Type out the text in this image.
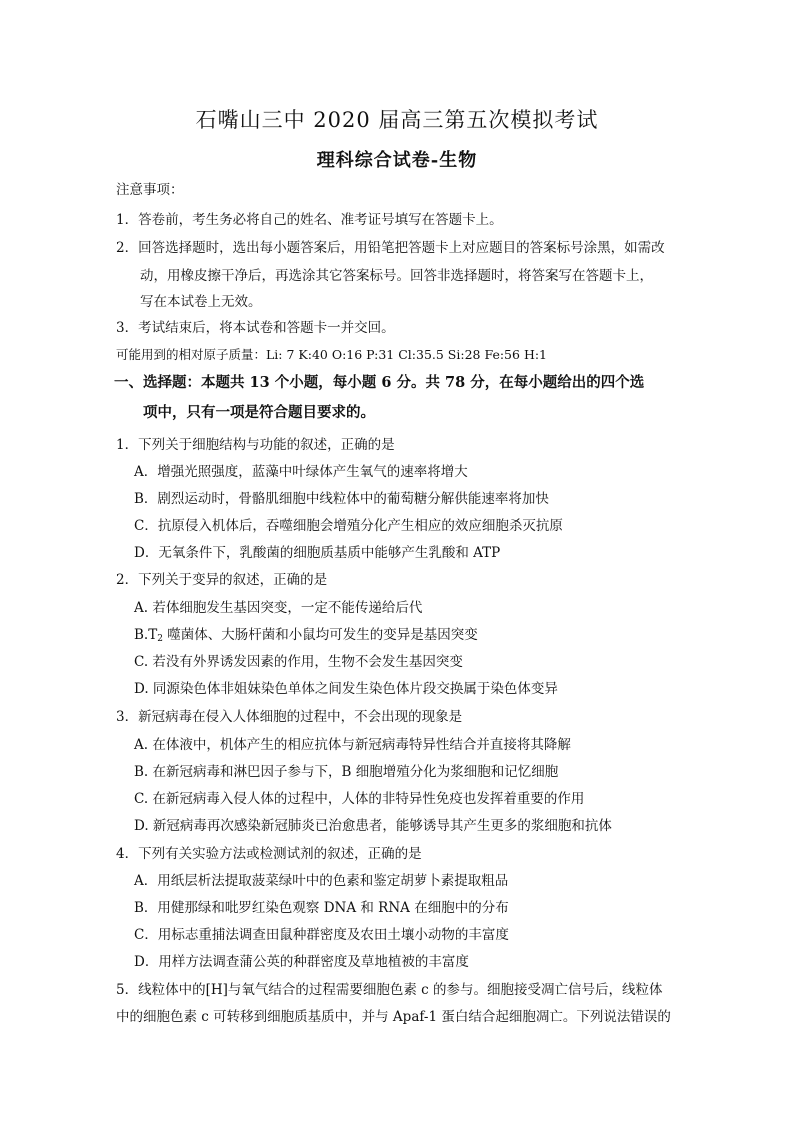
石嘴山三中 2020 届高三第五次模拟考试
理科综合试卷-生物
注意事项：
1．答卷前，考生务必将自己的姓名、准考证号填写在答题卡上。
2．回答选择题时，选出每小题答案后，用铅笔把答题卡上对应题目的答案标号涂黑，如需改
动，用橡皮擦干净后，再选涂其它答案标号。回答非选择题时，将答案写在答题卡上，
写在本试卷上无效。
3．考试结束后，将本试卷和答题卡一并交回。
可能用到的相对原子质量：Li: 7 K:40 O:16 P:31 Cl:35.5 Si:28 Fe:56 H:1
一、选择题：本题共 13 个小题，每小题 6 分。共 78 分，在每小题给出的四个选
项中，只有一项是符合题目要求的。
1．下列关于细胞结构与功能的叙述，正确的是
A．增强光照强度，蓝藻中叶绿体产生氧气的速率将增大
B．剧烈运动时，骨骼肌细胞中线粒体中的葡萄糖分解供能速率将加快
C．抗原侵入机体后，吞噬细胞会增殖分化产生相应的效应细胞杀灭抗原
D．无氧条件下，乳酸菌的细胞质基质中能够产生乳酸和 ATP
2．下列关于变异的叙述，正确的是
A. 若体细胞发生基因突变，一定不能传递给后代
$B.T_2$ 噬菌体、大肠杆菌和小鼠均可发生的变异是基因突变
C. 若没有外界诱发因素的作用，生物不会发生基因突变
D. 同源染色体非姐妹染色单体之间发生染色体片段交换属于染色体变异
3．新冠病毒在侵入人体细胞的过程中，不会出现的现象是
A. 在体液中，机体产生的相应抗体与新冠病毒特异性结合并直接将其降解
B. 在新冠病毒和淋巴因子参与下，B 细胞增殖分化为浆细胞和记忆细胞
C. 在新冠病毒入侵人体的过程中，人体的非特异性免疫也发挥着重要的作用
D. 新冠病毒再次感染新冠肺炎已治愈患者，能够诱导其产生更多的浆细胞和抗体
4．下列有关实验方法或检测试剂的叙述，正确的是
A．用纸层析法提取菠菜绿叶中的色素和鉴定胡萝卜素提取粗品
B．用健那绿和吡罗红染色观察 DNA 和 RNA 在细胞中的分布
C．用标志重捕法调查田鼠种群密度及农田土壤小动物的丰富度
D．用样方法调查蒲公英的种群密度及草地植被的丰富度
5．线粒体中的[H]与氧气结合的过程需要细胞色素 c 的参与。细胞接受凋亡信号后，线粒体
中的细胞色素 c 可转移到细胞质基质中，并与 Apaf-1 蛋白结合起细胞凋亡。下列说法错误的
